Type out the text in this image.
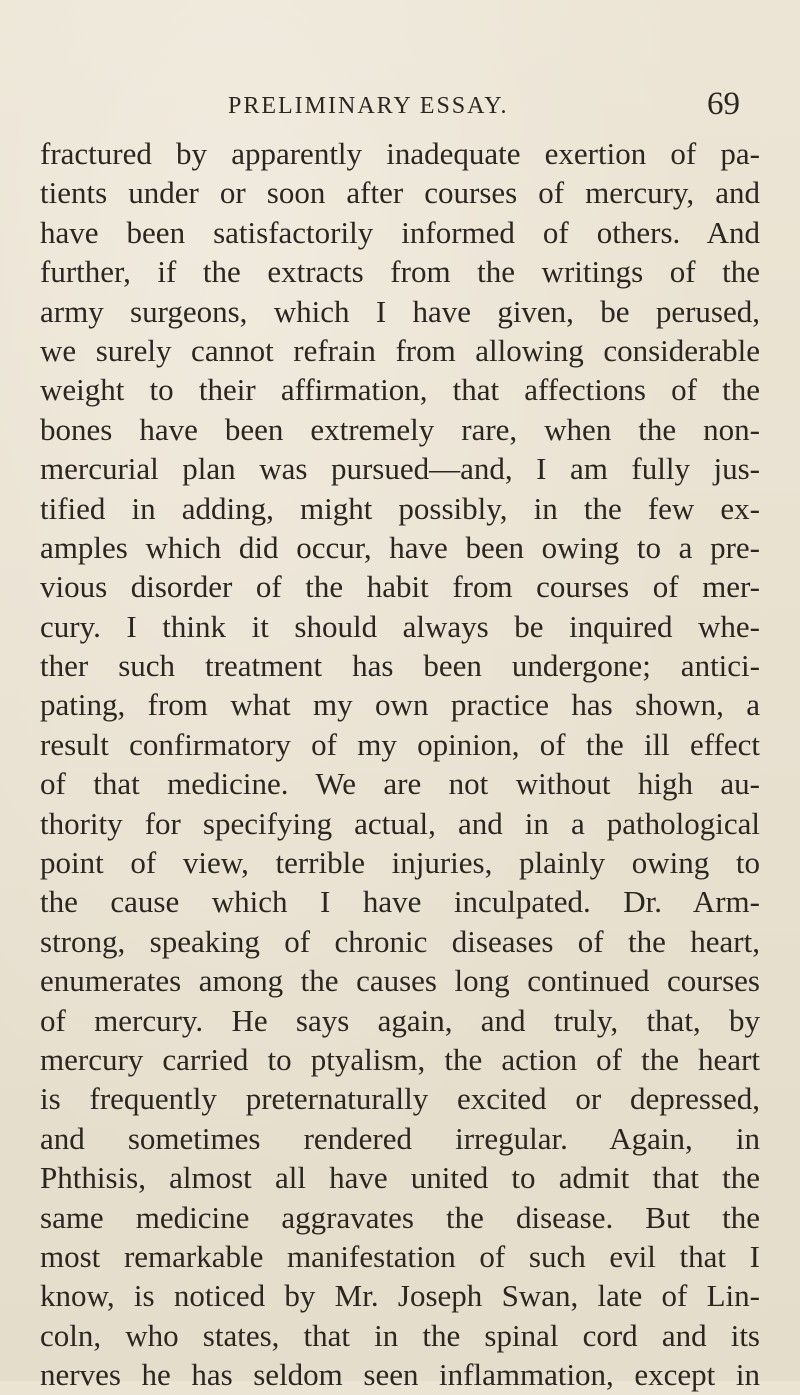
PRELIMINARY ESSAY.	69
fractured by apparently inadequate exertion of pa-
tients under or soon after courses of mercury, and
have been satisfactorily informed of others. And
further, if the extracts from the writings of the
army surgeons, which I have given, be perused,
we surely cannot refrain from allowing considerable
weight to their affirmation, that affections of the
bones have been extremely rare, when the non-
mercurial plan was pursued—and, I am fully jus-
tified in adding, might possibly, in the few ex-
amples which did occur, have been owing to a pre-
vious disorder of the habit from courses of mer-
cury. I think it should always be inquired whe-
ther such treatment has been undergone; antici-
pating, from what my own practice has shown, a
result confirmatory of my opinion, of the ill effect
of that medicine. We are not without high au-
thority for specifying actual, and in a pathological
point of view, terrible injuries, plainly owing to
the cause which I have inculpated. Dr. Arm-
strong, speaking of chronic diseases of the heart,
enumerates among the causes long continued courses
of mercury. He says again, and truly, that, by
mercury carried to ptyalism, the action of the heart
is frequently preternaturally excited or depressed,
and sometimes rendered irregular. Again, in
Phthisis, almost all have united to admit that the
same medicine aggravates the disease. But the
most remarkable manifestation of such evil that I
know, is noticed by Mr. Joseph Swan, late of Lin-
coln, who states, that in the spinal cord and its
nerves he has seldom seen inflammation, except in
